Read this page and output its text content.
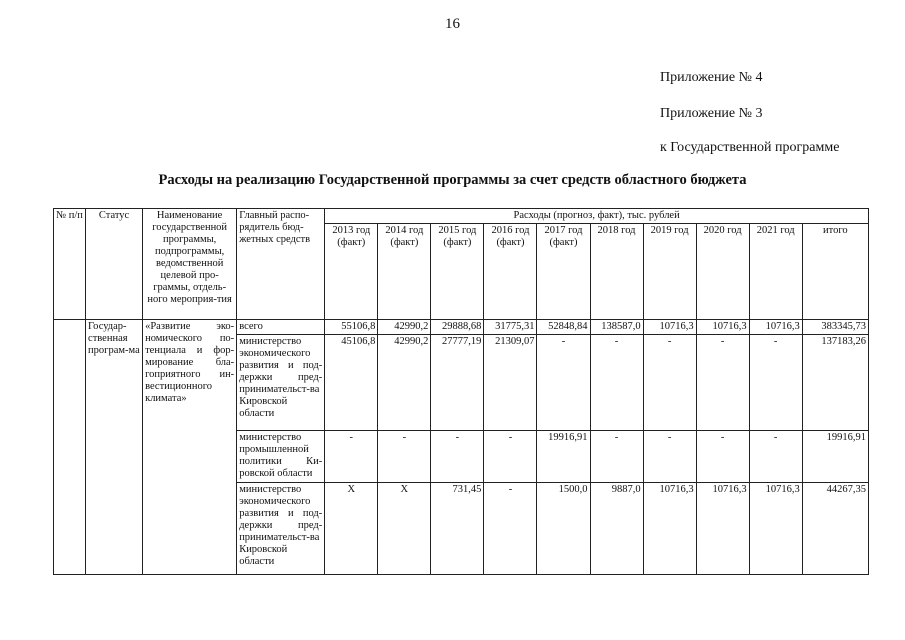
16
Приложение № 4
Приложение № 3
к Государственной программе
Расходы на реализацию Государственной программы за счет средств областного бюджета
№ п/п	Статус	Наименование государственной программы, подпрограммы, ведомственной целевой про-граммы, отдель-ного мероприя-тия	Главный распо-рядитель бюд-жетных средств	Расходы (прогноз, факт), тыс. рублей									
				2013 год (факт)	2014 год (факт)	2015 год (факт)	2016 год (факт)	2017 год (факт)	2018 год	2019 год	2020 год	2021 год	итого
	Государ-ственная програм-ма	«Развитие эко-номического по-тенциала и фор-мирование бла-гоприятного ин-вестиционного климата»	всего	55106,8	42990,2	29888,68	31775,31	52848,84	138587,0	10716,3	10716,3	10716,3	383345,73
			министерство экономического развития и под-держки пред-принимательст-ва Кировской области	45106,8	42990,2	27777,19	21309,07	-	-	-	-	-	137183,26
			министерство промышленной политики Ки-ровской области	-	-	-	-	19916,91	-	-	-	-	19916,91
			министерство экономического развития и под-держки пред-принимательст-ва Кировской области	X	X	731,45	-	1500,0	9887,0	10716,3	10716,3	10716,3	44267,35
